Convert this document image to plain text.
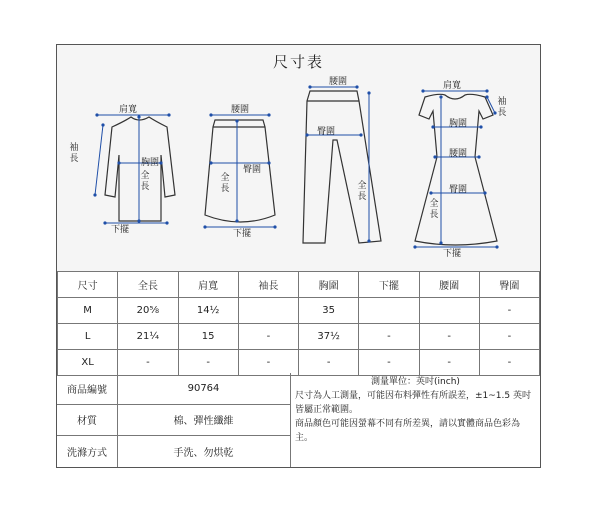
尺寸表
肩寬
袖長	胸圍
全長
下擺
腰圍
臀圍
全長
下擺
腰圍
臀圍
全長
肩寬
袖長
胸圍
腰圍
臀圍
全長
下擺
尺寸	全長	肩寬	袖長	胸圍	下擺	腰圍	臀圍
M	20⅝	14½		35			-
L	21¼	15	-	37½	-	-	-
XL	-	-	-	-	-	-	-
商品編號	90764
材質	棉、彈性纖維
洗滌方式	手洗、勿烘乾
測量單位：英吋(inch)
尺寸為人工測量，可能因布料彈性有所誤差，±1~1.5 英吋皆屬正常範圍。
商品顏色可能因螢幕不同有所差異，請以實體商品色彩為主。
